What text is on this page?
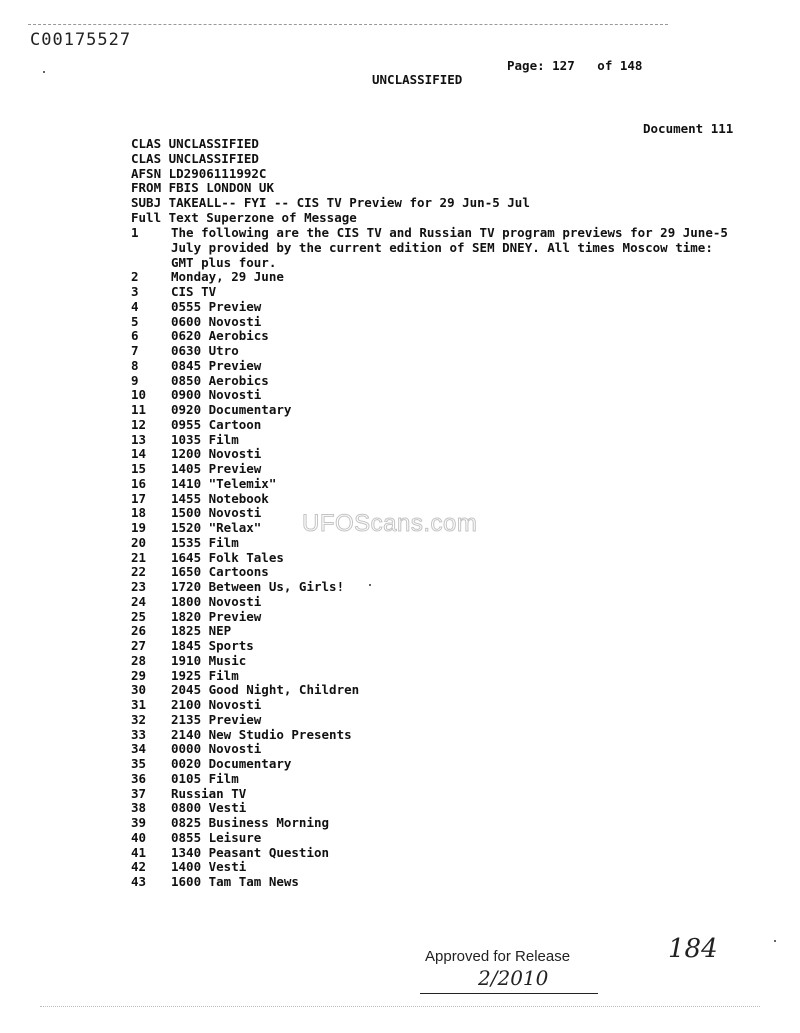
C00175527
Page: 127   of 148
UNCLASSIFIED
Document 111
CLAS UNCLASSIFIED
CLAS UNCLASSIFIED
AFSN LD2906111992C
FROM FBIS LONDON UK
SUBJ TAKEALL-- FYI -- CIS TV Preview for 29 Jun-5 Jul
Full Text Superzone of Message
1	The following are the CIS TV and Russian TV program previews for 29 June-5 July provided by the current edition of SEM DNEY. All times Moscow time: GMT plus four.
2	Monday, 29 June
3	CIS TV
4	0555 Preview
5	0600 Novosti
6	0620 Aerobics
7	0630 Utro
8	0845 Preview
9	0850 Aerobics
10	0900 Novosti
11	0920 Documentary
12	0955 Cartoon
13	1035 Film
14	1200 Novosti
15	1405 Preview
16	1410 "Telemix"
17	1455 Notebook
18	1500 Novosti
19	1520 "Relax"
20	1535 Film
21	1645 Folk Tales
22	1650 Cartoons
23	1720 Between Us, Girls!
24	1800 Novosti
25	1820 Preview
26	1825 NEP
27	1845 Sports
28	1910 Music
29	1925 Film
30	2045 Good Night, Children
31	2100 Novosti
32	2135 Preview
33	2140 New Studio Presents
34	0000 Novosti
35	0020 Documentary
36	0105 Film
37	Russian TV
38	0800 Vesti
39	0825 Business Morning
40	0855 Leisure
41	1340 Peasant Question
42	1400 Vesti
43	1600 Tam Tam News
UFOScans.com
Approved for Release
2/2010
184
